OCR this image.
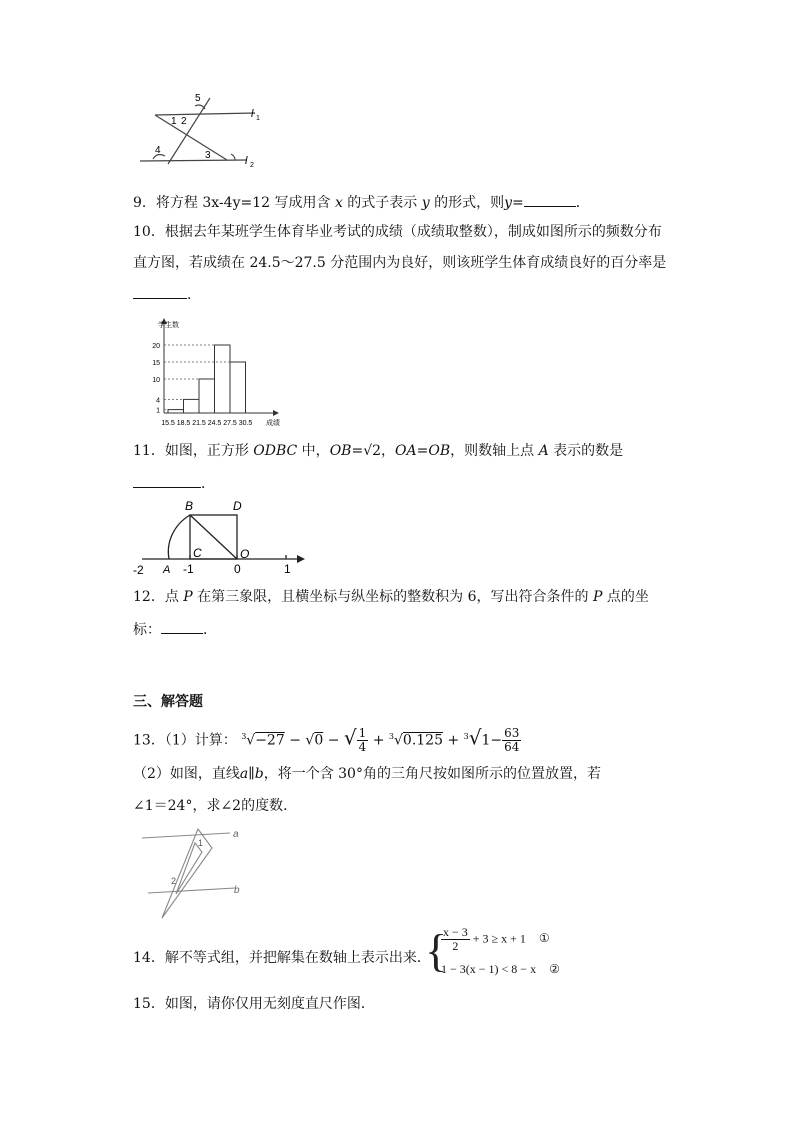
5
1 2
3
4
l 1
l 2
9．将方程 3x-4y=12 写成用含 x 的式子表示 y 的形式，则y=	．
10．根据去年某班学生体育毕业考试的成绩（成绩取整数），制成如图所示的频数分布
直方图，若成绩在 24.5～27.5 分范围内为良好，则该班学生体育成绩良好的百分率是
．
学生数
成绩
1
4
10
15
20
15.5 18.5 21.5 24.5 27.5 30.5
11．如图，正方形 ODBC 中，OB=√2，OA=OB，则数轴上点 A 表示的数是
．
B	D
C	O
A
-2	-1	0	1
12．点 P 在第三象限，且横坐标与纵坐标的整数积为 6，写出符合条件的 P 点的坐
标：	．
三、解答题
13．（1）计算： $^3$√−27 − √0 − √ $\frac{1}{4} + ^3√0.125 + ^3√1- \frac{63}{64}$
（2）如图，直线a∥b，将一个含 30°角的三角尺按如图所示的位置放置，若
∠1＝24°，求∠2的度数．
a
b
1
2
14．解不等式组，并把解集在数轴上表示出来．
{
$\frac{x - 3}{2} + 3 \ge x + 1$ ①
1 − 3(x − 1) < 8 − x ②
15．如图，请你仅用无刻度直尺作图．
